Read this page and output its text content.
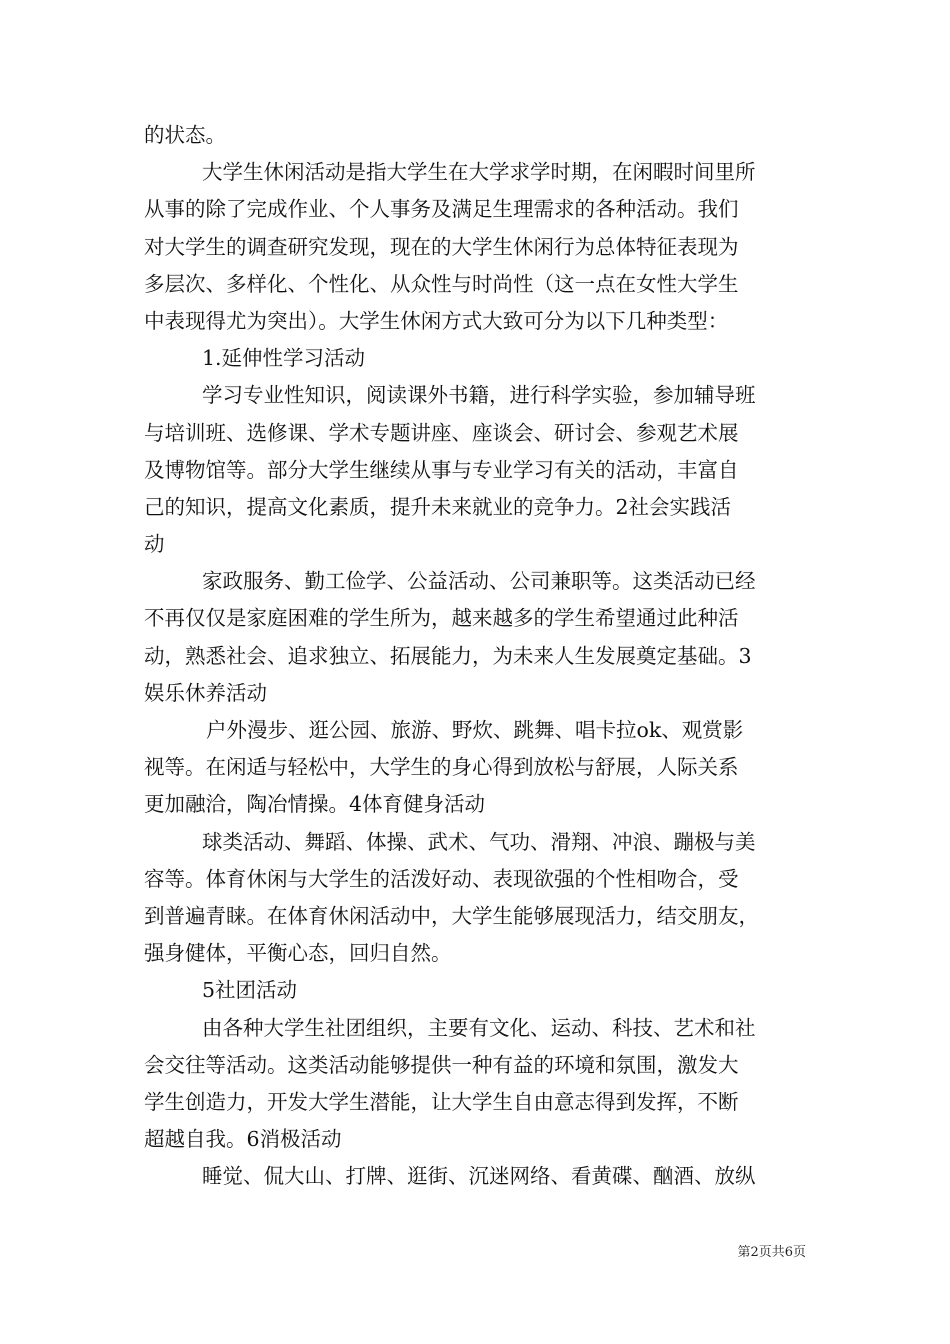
的状态。
大学生休闲活动是指大学生在大学求学时期，在闲暇时间里所
从事的除了完成作业、个人事务及满足生理需求的各种活动。我们
对大学生的调查研究发现，现在的大学生休闲行为总体特征表现为
多层次、多样化、个性化、从众性与时尚性（这一点在女性大学生
中表现得尤为突出）。大学生休闲方式大致可分为以下几种类型：
1.延伸性学习活动
学习专业性知识，阅读课外书籍，进行科学实验，参加辅导班
与培训班、选修课、学术专题讲座、座谈会、研讨会、参观艺术展
及博物馆等。部分大学生继续从事与专业学习有关的活动，丰富自
己的知识，提高文化素质，提升未来就业的竞争力。2社会实践活
动
家政服务、勤工俭学、公益活动、公司兼职等。这类活动已经
不再仅仅是家庭困难的学生所为，越来越多的学生希望通过此种活
动，熟悉社会、追求独立、拓展能力，为未来人生发展奠定基础。3
娱乐休养活动
户外漫步、逛公园、旅游、野炊、跳舞、唱卡拉ok、观赏影
视等。在闲适与轻松中，大学生的身心得到放松与舒展，人际关系
更加融洽，陶冶情操。4体育健身活动
球类活动、舞蹈、体操、武术、气功、滑翔、冲浪、蹦极与美
容等。体育休闲与大学生的活泼好动、表现欲强的个性相吻合，受
到普遍青睐。在体育休闲活动中，大学生能够展现活力，结交朋友，
强身健体，平衡心态，回归自然。
5社团活动
由各种大学生社团组织，主要有文化、运动、科技、艺术和社
会交往等活动。这类活动能够提供一种有益的环境和氛围，激发大
学生创造力，开发大学生潜能，让大学生自由意志得到发挥，不断
超越自我。6消极活动
睡觉、侃大山、打牌、逛街、沉迷网络、看黄碟、酗酒、放纵
第2页共6页
